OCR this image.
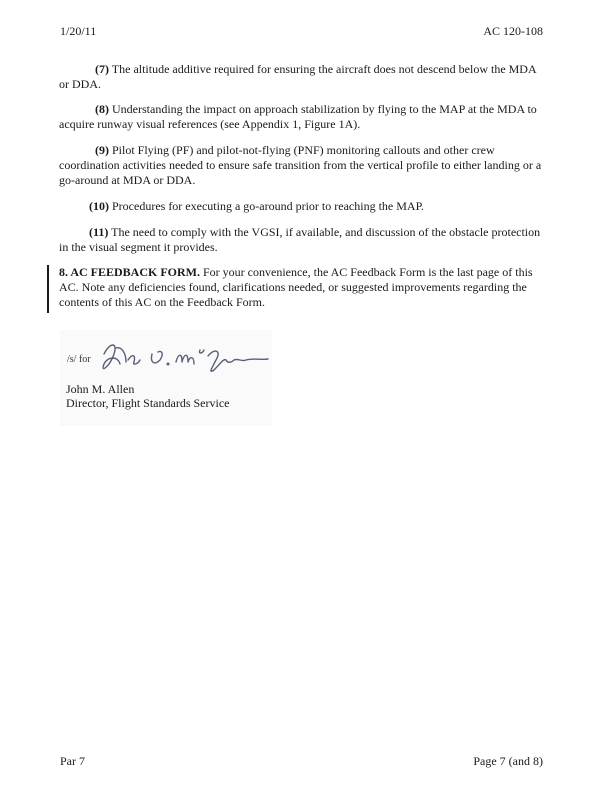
1/20/11	AC 120-108

(7) The altitude additive required for ensuring the aircraft does not descend below the MDA or DDA.

(8) Understanding the impact on approach stabilization by flying to the MAP at the MDA to acquire runway visual references (see Appendix 1, Figure 1A).

(9) Pilot Flying (PF) and pilot-not-flying (PNF) monitoring callouts and other crew coordination activities needed to ensure safe transition from the vertical profile to either landing or a go-around at MDA or DDA.

(10) Procedures for executing a go-around prior to reaching the MAP.

(11) The need to comply with the VGSI, if available, and discussion of the obstacle protection in the visual segment it provides.

8. AC FEEDBACK FORM. For your convenience, the AC Feedback Form is the last page of this AC. Note any deficiencies found, clarifications needed, or suggested improvements regarding the contents of this AC on the Feedback Form.

/s/ for
John M. Allen
Director, Flight Standards Service
Par 7	Page 7 (and 8)
